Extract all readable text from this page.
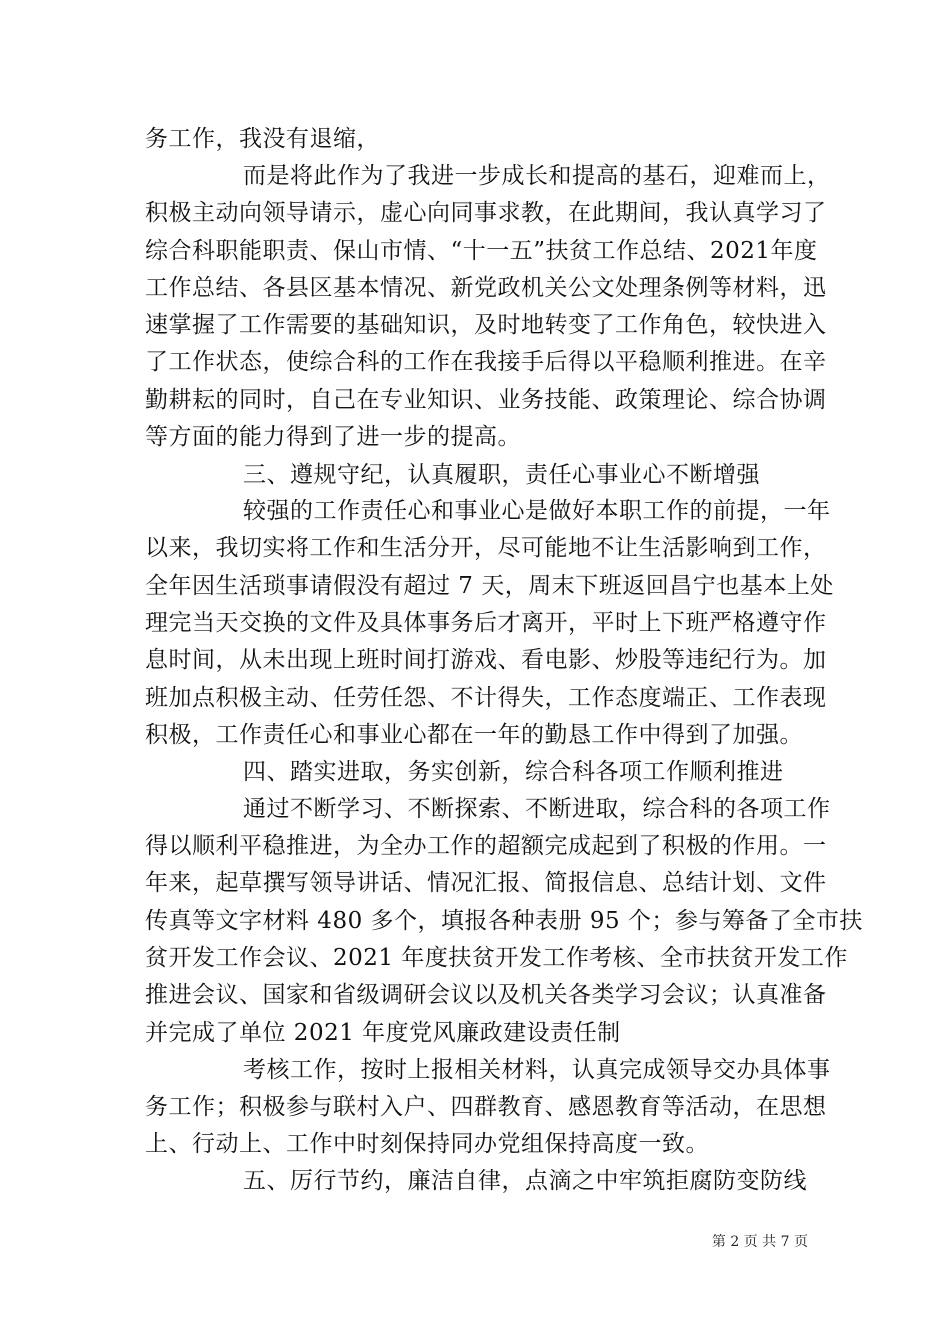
务工作，我没有退缩，
而是将此作为了我进一步成长和提高的基石，迎难而上，
积极主动向领导请示，虚心向同事求教，在此期间，我认真学习了
综合科职能职责、保山市情、“十一五”扶贫工作总结、2021年度
工作总结、各县区基本情况、新党政机关公文处理条例等材料，迅
速掌握了工作需要的基础知识，及时地转变了工作角色，较快进入
了工作状态，使综合科的工作在我接手后得以平稳顺利推进。在辛
勤耕耘的同时，自己在专业知识、业务技能、政策理论、综合协调
等方面的能力得到了进一步的提高。
三、遵规守纪，认真履职，责任心事业心不断增强
较强的工作责任心和事业心是做好本职工作的前提，一年
以来，我切实将工作和生活分开，尽可能地不让生活影响到工作，
全年因生活琐事请假没有超过 7 天，周末下班返回昌宁也基本上处
理完当天交换的文件及具体事务后才离开，平时上下班严格遵守作
息时间，从未出现上班时间打游戏、看电影、炒股等违纪行为。加
班加点积极主动、任劳任怨、不计得失，工作态度端正、工作表现
积极，工作责任心和事业心都在一年的勤恳工作中得到了加强。
四、踏实进取，务实创新，综合科各项工作顺利推进
通过不断学习、不断探索、不断进取，综合科的各项工作
得以顺利平稳推进，为全办工作的超额完成起到了积极的作用。一
年来，起草撰写领导讲话、情况汇报、简报信息、总结计划、文件
传真等文字材料 480 多个，填报各种表册 95 个；参与筹备了全市扶
贫开发工作会议、2021 年度扶贫开发工作考核、全市扶贫开发工作
推进会议、国家和省级调研会议以及机关各类学习会议；认真准备
并完成了单位 2021 年度党风廉政建设责任制
考核工作，按时上报相关材料，认真完成领导交办具体事
务工作；积极参与联村入户、四群教育、感恩教育等活动，在思想
上、行动上、工作中时刻保持同办党组保持高度一致。
五、厉行节约，廉洁自律，点滴之中牢筑拒腐防变防线
第 2 页 共 7 页
